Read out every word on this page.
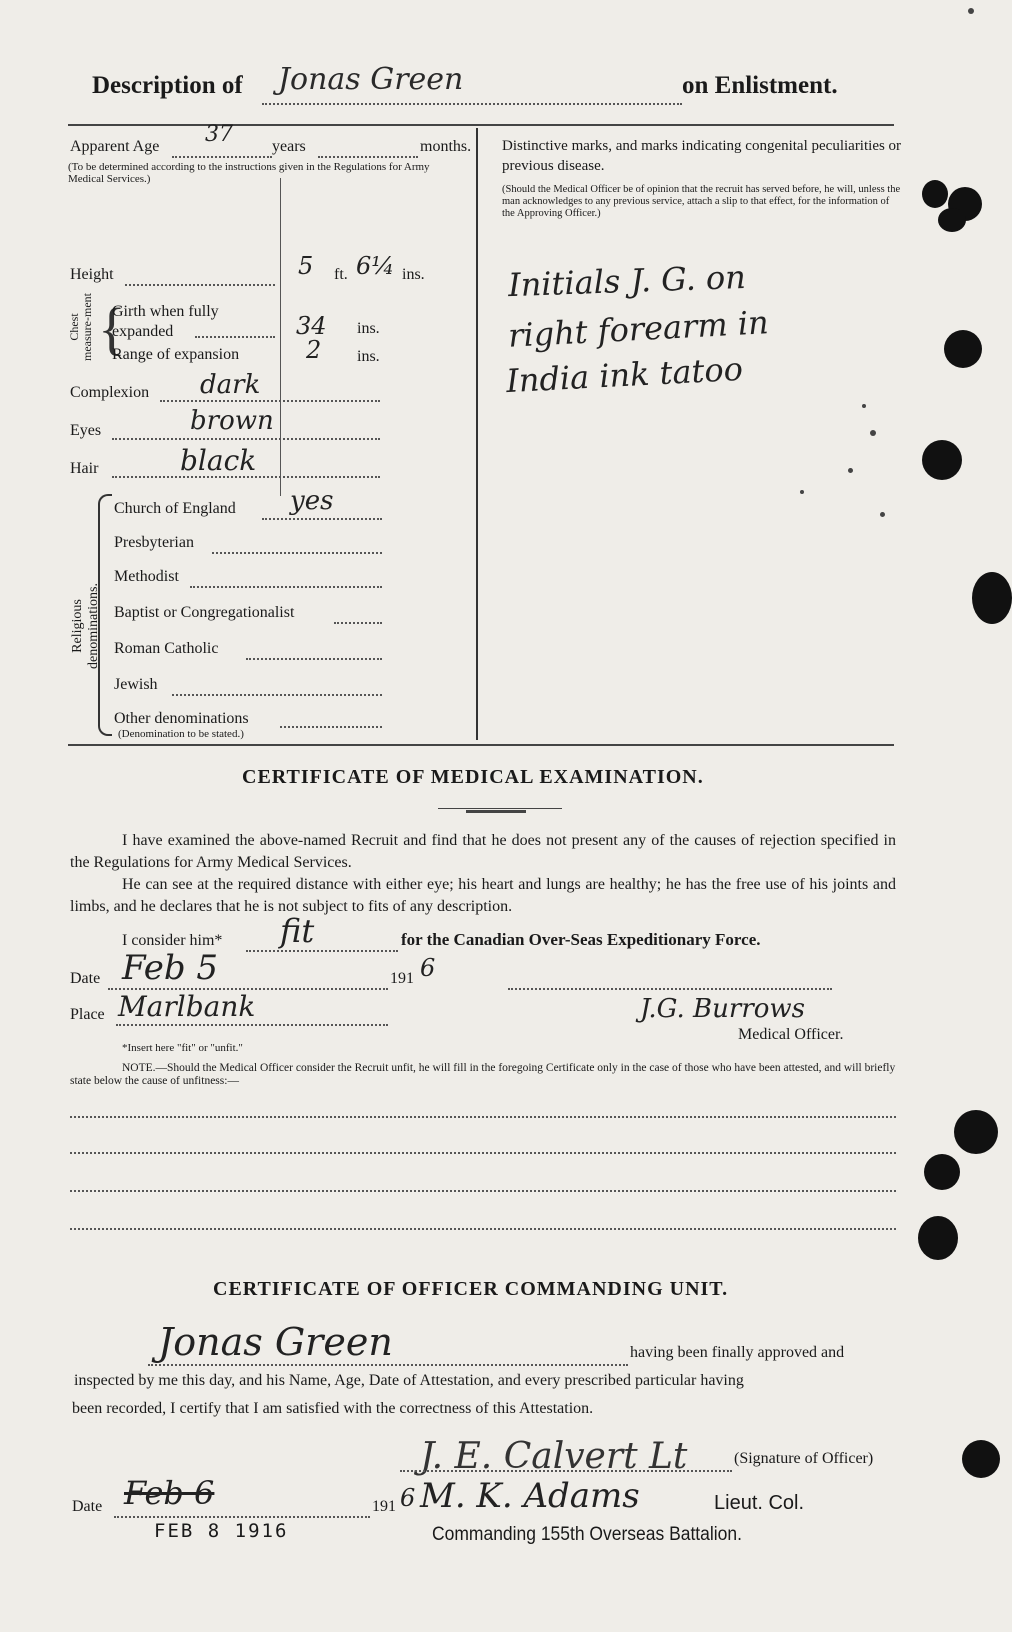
Description of Jonas Green	on Enlistment.
Apparent Age 37 years	months.
(To be determined according to the instructions given in the Regulations for Army Medical Services.)
Height	5 ft. 6¼ ins.
Chest measure-ment {
Girth when fully expanded	34 ins.
Range of expansion	2 ins.
Complexion dark
Eyes	brown
Hair	black
Religious denominations.
Church of England yes
Presbyterian
Methodist
Baptist or Congregationalist
Roman Catholic
Jewish
Other denominations
(Denomination to be stated.)
Distinctive marks, and marks indicating congenital peculiarities or previous disease.
(Should the Medical Officer be of opinion that the recruit has served before, he will, unless the man acknowledges to any previous service, attach a slip to that effect, for the information of the Approving Officer.)
Initials J. G. on
right forearm in
India ink tatoo
CERTIFICATE OF MEDICAL EXAMINATION.
I have examined the above-named Recruit and find that he does not present any of the causes of rejection specified in the Regulations for Army Medical Services.
He can see at the required distance with either eye; his heart and lungs are healthy; he has the free use of his joints and limbs, and he declares that he is not subject to fits of any description.
I consider him* fit	for the Canadian Over-Seas Expeditionary Force.
Date Feb 5	191 6
Place Marlbank	J.G. Burrows
Medical Officer.
*Insert here "fit" or "unfit."
NOTE.—Should the Medical Officer consider the Recruit unfit, he will fill in the foregoing Certificate only in the case of those who have been attested, and will briefly state below the cause of unfitness:—
CERTIFICATE OF OFFICER COMMANDING UNIT.
Jonas Green	having been finally approved and
inspected by me this day, and his Name, Age, Date of Attestation, and every prescribed particular having
been recorded, I certify that I am satisfied with the correctness of this Attestation.
J. E. Calvert Lt	(Signature of Officer)
Date Feb 6	191 6 M. K. Adams	Lieut. Col.
FEB 8 1916	Commanding 155th Overseas Battalion.
